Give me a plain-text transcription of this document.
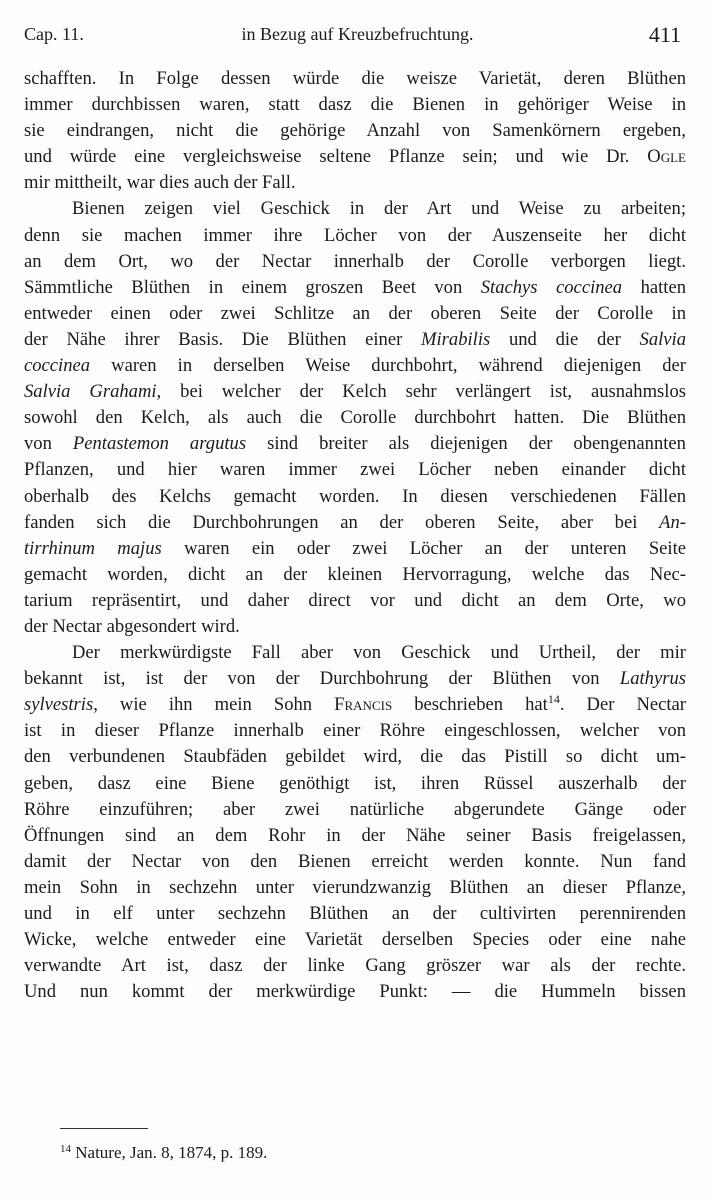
Cap. 11.	in Bezug auf Kreuzbefruchtung.	411

schafften. In Folge dessen würde die weisze Varietät, deren Blüthen
immer durchbissen waren, statt dasz die Bienen in gehöriger Weise in
sie eindrangen, nicht die gehörige Anzahl von Samenkörnern ergeben,
und würde eine vergleichsweise seltene Pflanze sein; und wie Dr. Ogle
mir mittheilt, war dies auch der Fall.

Bienen zeigen viel Geschick in der Art und Weise zu arbeiten;
denn sie machen immer ihre Löcher von der Auszenseite her dicht
an dem Ort, wo der Nectar innerhalb der Corolle verborgen liegt.
Sämmtliche Blüthen in einem groszen Beet von Stachys coccinea hatten
entweder einen oder zwei Schlitze an der oberen Seite der Corolle in
der Nähe ihrer Basis. Die Blüthen einer Mirabilis und die der Salvia
coccinea waren in derselben Weise durchbohrt, während diejenigen der
Salvia Grahami, bei welcher der Kelch sehr verlängert ist, ausnahmslos
sowohl den Kelch, als auch die Corolle durchbohrt hatten. Die Blüthen
von Pentastemon argutus sind breiter als diejenigen der obengenannten
Pflanzen, und hier waren immer zwei Löcher neben einander dicht
oberhalb des Kelchs gemacht worden. In diesen verschiedenen Fällen
fanden sich die Durchbohrungen an der oberen Seite, aber bei An-
tirrhinum majus waren ein oder zwei Löcher an der unteren Seite
gemacht worden, dicht an der kleinen Hervorragung, welche das Nec-
tarium repräsentirt, und daher direct vor und dicht an dem Orte, wo
der Nectar abgesondert wird.

Der merkwürdigste Fall aber von Geschick und Urtheil, der mir
bekannt ist, ist der von der Durchbohrung der Blüthen von Lathyrus
sylvestris, wie ihn mein Sohn Francis beschrieben hat$^{14}$. Der Nectar
ist in dieser Pflanze innerhalb einer Röhre eingeschlossen, welcher von
den verbundenen Staubfäden gebildet wird, die das Pistill so dicht um-
geben, dasz eine Biene genöthigt ist, ihren Rüssel auszerhalb der
Röhre einzuführen; aber zwei natürliche abgerundete Gänge oder
Öffnungen sind an dem Rohr in der Nähe seiner Basis freigelassen,
damit der Nectar von den Bienen erreicht werden konnte. Nun fand
mein Sohn in sechzehn unter vierundzwanzig Blüthen an dieser Pflanze,
und in elf unter sechzehn Blüthen an der cultivirten perennirenden
Wicke, welche entweder eine Varietät derselben Species oder eine nahe
verwandte Art ist, dasz der linke Gang gröszer war als der rechte.
Und nun kommt der merkwürdige Punkt: — die Hummeln bissen

$^{14}$ Nature, Jan. 8, 1874, p. 189.
